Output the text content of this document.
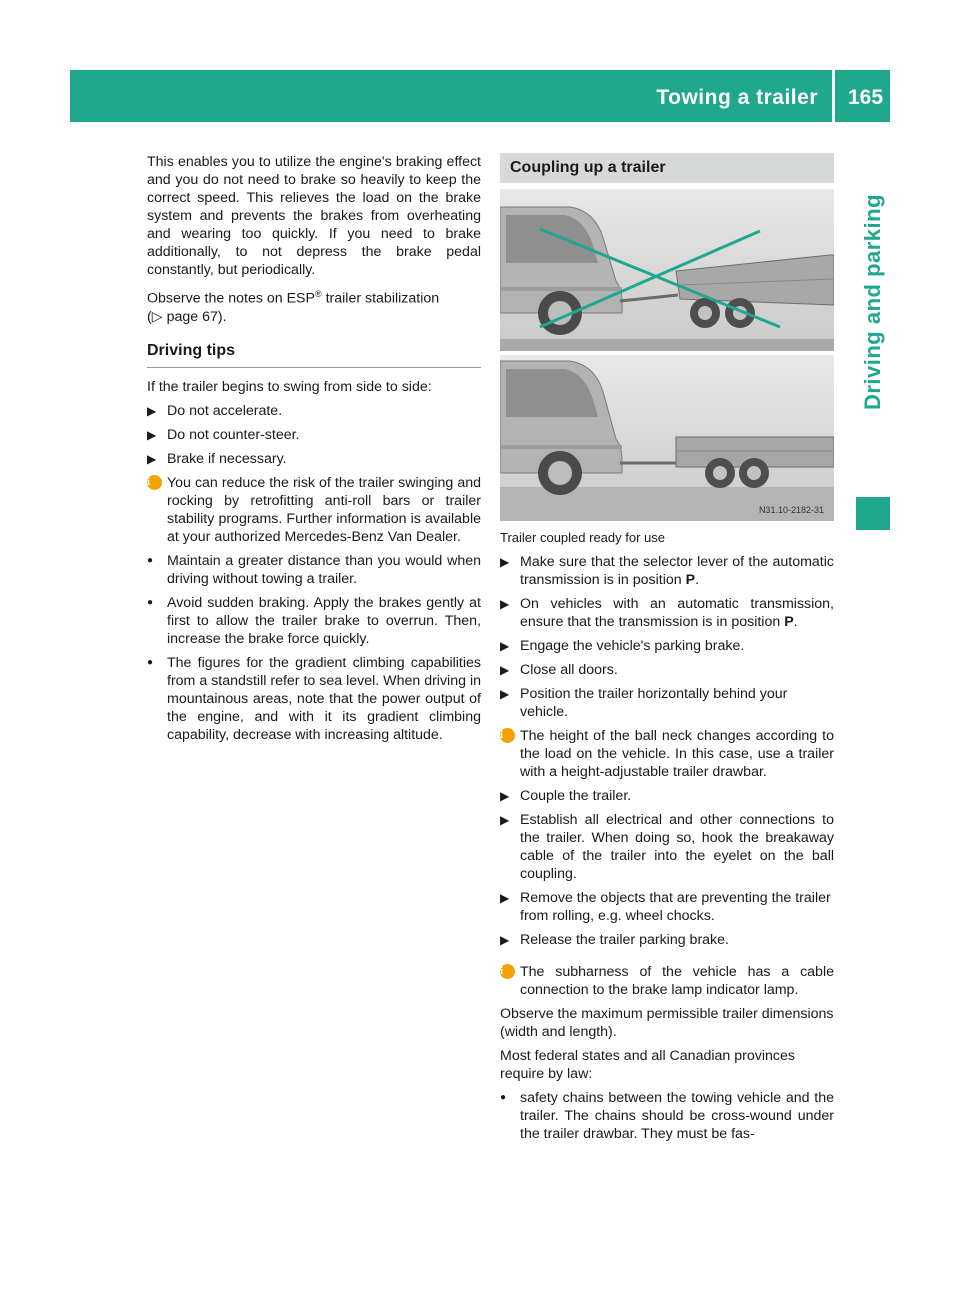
Towing a trailer	165
Driving and parking

This enables you to utilize the engine's braking effect and you do not need to brake so heavily to keep the correct speed. This relieves the load on the brake system and prevents the brakes from overheating and wearing too quickly. If you need to brake additionally, to not depress the brake pedal constantly, but periodically.

Observe the notes on ESP® trailer stabilization
(▷ page 67).

Driving tips

If the trailer begins to swing from side to side:

▶ Do not accelerate.

▶ Do not counter-steer.

▶ Brake if necessary.

i	You can reduce the risk of the trailer swinging and rocking by retrofitting anti-roll bars or trailer stability programs. Further information is available at your authorized Mercedes-Benz Van Dealer.

● Maintain a greater distance than you would when driving without towing a trailer.

● Avoid sudden braking. Apply the brakes gently at first to allow the trailer brake to overrun. Then, increase the brake force quickly.

● The figures for the gradient climbing capabilities from a standstill refer to sea level. When driving in mountainous areas, note that the power output of the engine, and with it its gradient climbing capability, decrease with increasing altitude.

Coupling up a trailer
N31.10-2182-31

Trailer coupled ready for use

▶ Make sure that the selector lever of the automatic transmission is in position P.

▶ On vehicles with an automatic transmission, ensure that the transmission is in position P.

▶ Engage the vehicle's parking brake.

▶ Close all doors.

▶ Position the trailer horizontally behind your vehicle.

i	The height of the ball neck changes according to the load on the vehicle. In this case, use a trailer with a height-adjustable trailer drawbar.

▶ Couple the trailer.

▶ Establish all electrical and other connections to the trailer. When doing so, hook the breakaway cable of the trailer into the eyelet on the ball coupling.

▶ Remove the objects that are preventing the trailer from rolling, e.g. wheel chocks.

▶ Release the trailer parking brake.

i	The subharness of the vehicle has a cable connection to the brake lamp indicator lamp.

Observe the maximum permissible trailer dimensions (width and length).

Most federal states and all Canadian provinces require by law:

● safety chains between the towing vehicle and the trailer. The chains should be cross-wound under the trailer drawbar. They must be fas-
